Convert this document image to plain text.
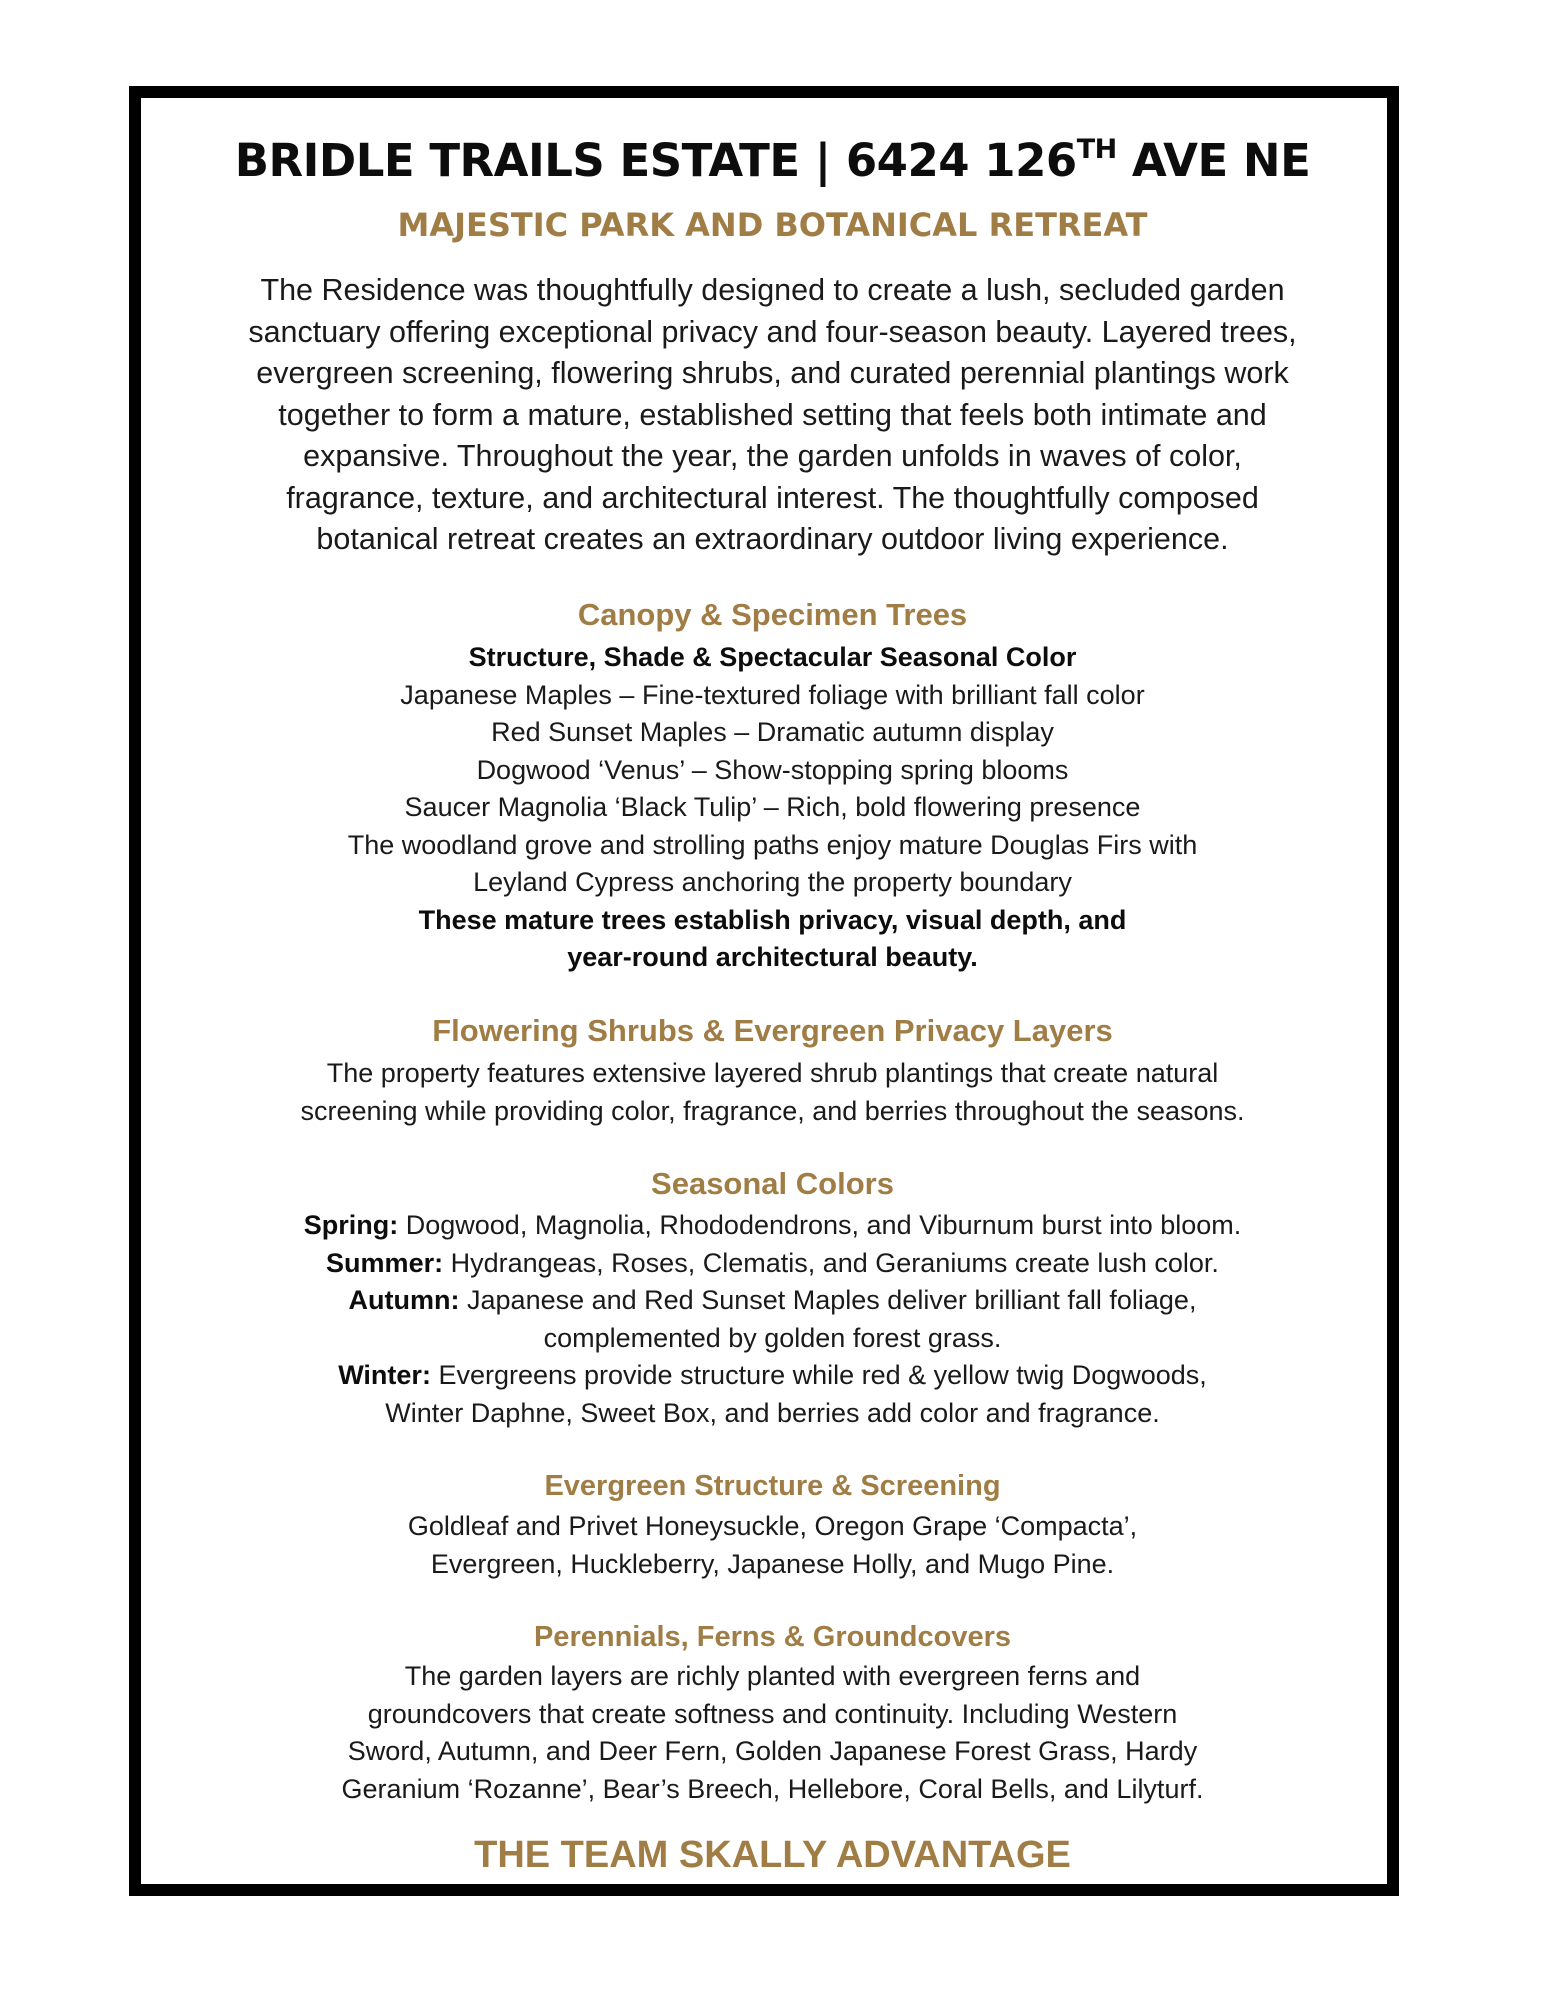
BRIDLE TRAILS ESTATE | 6424 126TH AVE NE
MAJESTIC PARK AND BOTANICAL RETREAT
The Residence was thoughtfully designed to create a lush, secluded garden
sanctuary offering exceptional privacy and four-season beauty. Layered trees,
evergreen screening, flowering shrubs, and curated perennial plantings work
together to form a mature, established setting that feels both intimate and
expansive. Throughout the year, the garden unfolds in waves of color,
fragrance, texture, and architectural interest. The thoughtfully composed
botanical retreat creates an extraordinary outdoor living experience.
Canopy & Specimen Trees
Structure, Shade & Spectacular Seasonal Color
Japanese Maples – Fine-textured foliage with brilliant fall color
Red Sunset Maples – Dramatic autumn display
Dogwood ‘Venus’ – Show-stopping spring blooms
Saucer Magnolia ‘Black Tulip’ – Rich, bold flowering presence
The woodland grove and strolling paths enjoy mature Douglas Firs with
Leyland Cypress anchoring the property boundary
These mature trees establish privacy, visual depth, and
year-round architectural beauty.
Flowering Shrubs & Evergreen Privacy Layers
The property features extensive layered shrub plantings that create natural
screening while providing color, fragrance, and berries throughout the seasons.
Seasonal Colors
Spring: Dogwood, Magnolia, Rhododendrons, and Viburnum burst into bloom.
Summer: Hydrangeas, Roses, Clematis, and Geraniums create lush color.
Autumn: Japanese and Red Sunset Maples deliver brilliant fall foliage,
complemented by golden forest grass.
Winter: Evergreens provide structure while red & yellow twig Dogwoods,
Winter Daphne, Sweet Box, and berries add color and fragrance.
Evergreen Structure & Screening
Goldleaf and Privet Honeysuckle, Oregon Grape ‘Compacta’,
Evergreen, Huckleberry, Japanese Holly, and Mugo Pine.
Perennials, Ferns & Groundcovers
The garden layers are richly planted with evergreen ferns and
groundcovers that create softness and continuity. Including Western
Sword, Autumn, and Deer Fern, Golden Japanese Forest Grass, Hardy
Geranium ‘Rozanne’, Bear’s Breech, Hellebore, Coral Bells, and Lilyturf.
THE TEAM SKALLY ADVANTAGE
